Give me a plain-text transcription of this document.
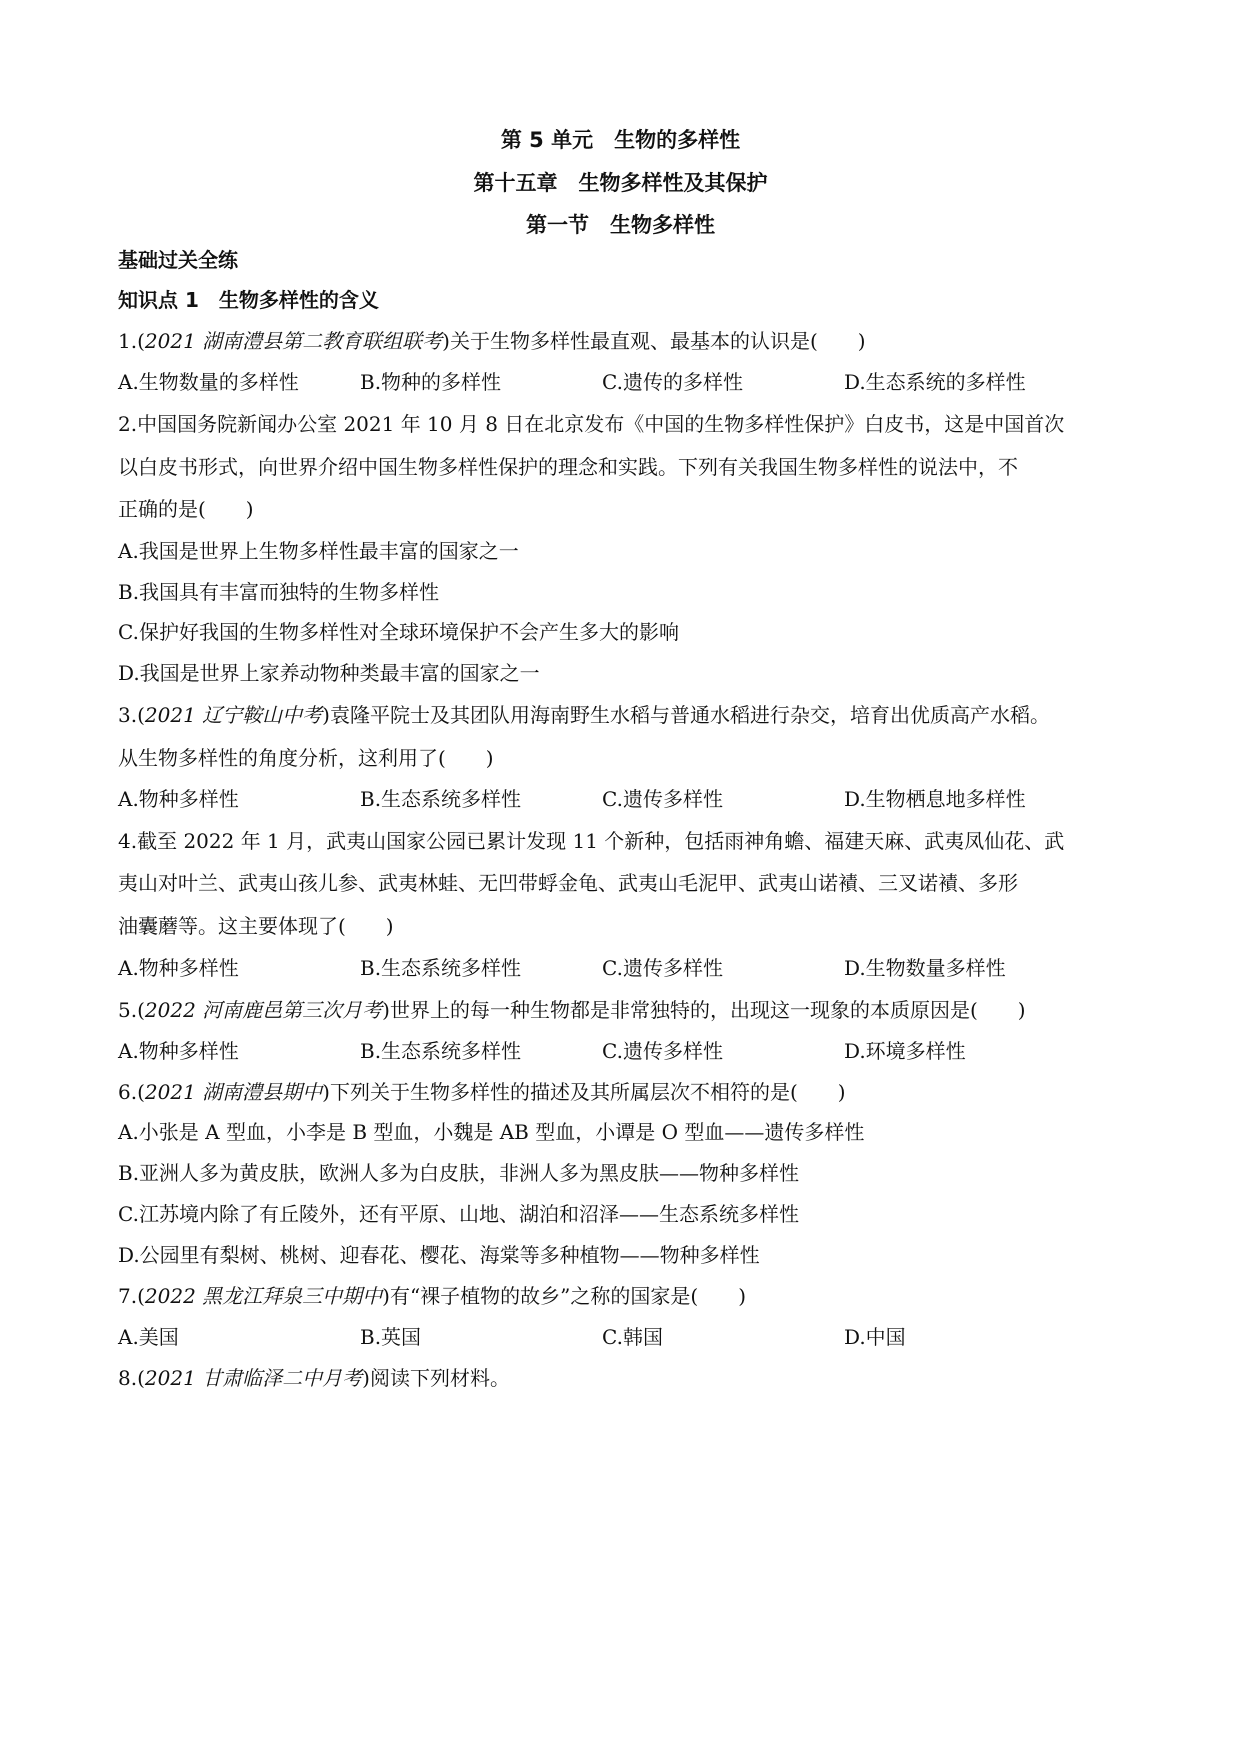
第 5 单元　生物的多样性
第十五章　生物多样性及其保护
第一节　生物多样性
基础过关全练
知识点 1　生物多样性的含义
1.(2021 湖南澧县第二教育联组联考)关于生物多样性最直观、最基本的认识是(　　)
A.生物数量的多样性	B.物种的多样性	C.遗传的多样性	D.生态系统的多样性
2.中国国务院新闻办公室 2021 年 10 月 8 日在北京发布《中国的生物多样性保护》白皮书，这是中国首次
以白皮书形式，向世界介绍中国生物多样性保护的理念和实践。下列有关我国生物多样性的说法中，不
正确的是(　　)
A.我国是世界上生物多样性最丰富的国家之一
B.我国具有丰富而独特的生物多样性
C.保护好我国的生物多样性对全球环境保护不会产生多大的影响
D.我国是世界上家养动物种类最丰富的国家之一
3.(2021 辽宁鞍山中考)袁隆平院士及其团队用海南野生水稻与普通水稻进行杂交，培育出优质高产水稻。
从生物多样性的角度分析，这利用了(　　)
A.物种多样性	B.生态系统多样性	C.遗传多样性	D.生物栖息地多样性
4.截至 2022 年 1 月，武夷山国家公园已累计发现 11 个新种，包括雨神角蟾、福建天麻、武夷凤仙花、武
夷山对叶兰、武夷山孩儿参、武夷林蛙、无凹带蜉金龟、武夷山毛泥甲、武夷山诺襀、三叉诺襀、多形
油囊蘑等。这主要体现了(　　)
A.物种多样性	B.生态系统多样性	C.遗传多样性	D.生物数量多样性
5.(2022 河南鹿邑第三次月考)世界上的每一种生物都是非常独特的，出现这一现象的本质原因是(　　)
A.物种多样性	B.生态系统多样性	C.遗传多样性	D.环境多样性
6.(2021 湖南澧县期中)下列关于生物多样性的描述及其所属层次不相符的是(　　)
A.小张是 A 型血，小李是 B 型血，小魏是 AB 型血，小谭是 O 型血——遗传多样性
B.亚洲人多为黄皮肤，欧洲人多为白皮肤，非洲人多为黑皮肤——物种多样性
C.江苏境内除了有丘陵外，还有平原、山地、湖泊和沼泽——生态系统多样性
D.公园里有梨树、桃树、迎春花、樱花、海棠等多种植物——物种多样性
7.(2022 黑龙江拜泉三中期中)有“裸子植物的故乡”之称的国家是(　　)
A.美国	B.英国	C.韩国	D.中国
8.(2021 甘肃临泽二中月考)阅读下列材料。
